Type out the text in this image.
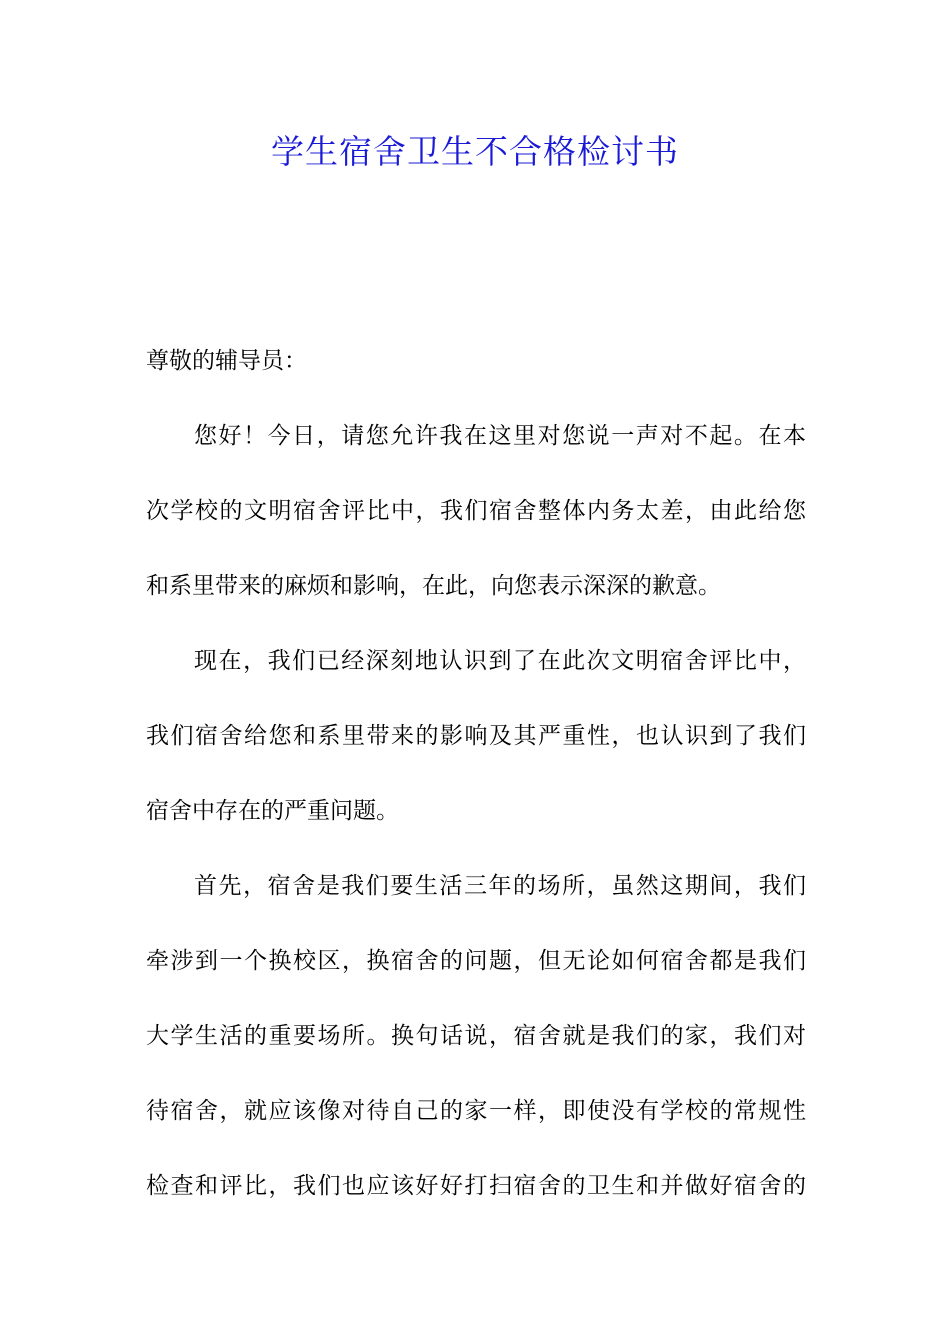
学生宿舍卫生不合格检讨书

尊敬的辅导员：

您好！今日，请您允许我在这里对您说一声对不起。在本
次学校的文明宿舍评比中，我们宿舍整体内务太差，由此给您
和系里带来的麻烦和影响，在此，向您表示深深的歉意。
现在，我们已经深刻地认识到了在此次文明宿舍评比中，
我们宿舍给您和系里带来的影响及其严重性，也认识到了我们
宿舍中存在的严重问题。
首先，宿舍是我们要生活三年的场所，虽然这期间，我们
牵涉到一个换校区，换宿舍的问题，但无论如何宿舍都是我们
大学生活的重要场所。换句话说，宿舍就是我们的家，我们对
待宿舍，就应该像对待自己的家一样，即使没有学校的常规性
检查和评比，我们也应该好好打扫宿舍的卫生和并做好宿舍的
